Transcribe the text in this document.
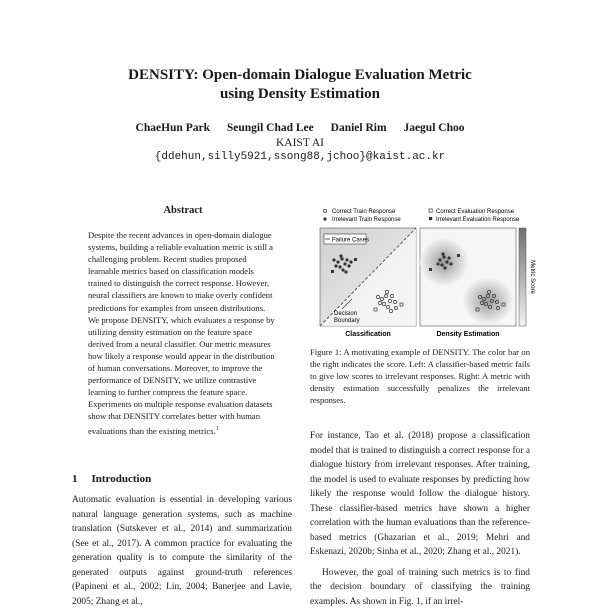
DENSITY: Open-domain Dialogue Evaluation Metric
using Density Estimation
ChaeHun Park Seungil Chad Lee Daniel Rim Jaegul Choo
KAIST AI
{ddehun,silly5921,ssong88,jchoo}@kaist.ac.kr
Abstract

Despite the recent advances in open-domain dialogue systems, building a reliable evaluation metric is still a challenging problem. Recent studies proposed learnable metrics based on classification models trained to distinguish the correct response. However, neural classifiers are known to make overly confident predictions for examples from unseen distributions. We propose DENSITY, which evaluates a response by utilizing density estimation on the feature space derived from a neural classifier. Our metric measures how likely a response would appear in the distribution of human conversations. Moreover, to improve the performance of DENSITY, we utilize contrastive learning to further compress the feature space. Experiments on multiple response evaluation datasets show that DENSITY correlates better with human evaluations than the existing metrics.$^1$

1 Introduction

Automatic evaluation is essential in developing various natural language generation systems, such as machine translation (Sutskever et al., 2014) and summarization (See et al., 2017). A common practice for evaluating the generation quality is to compute the similarity of the generated outputs against ground-truth references (Papineni et al., 2002; Lin, 2004; Banerjee and Lavie, 2005; Zhang et al.,

Correct Train Response
Irrelevant Train Response
Correct Evaluation Response
Irrelevant Evaluation Response
Failure Cases
Decision
Boundary
Classification	Density Estimation
Metric Score

Figure 1: A motivating example of DENSITY. The color bar on the right indicates the score. Left: A classifier-based metric fails to give low scores to irrelevant responses. Right: A metric with density estimation successfully penalizes the irrelevant responses.

For instance, Tao et al. (2018) propose a classification model that is trained to distinguish a correct response for a dialogue history from irrelevant responses. After training, the model is used to evaluate responses by predicting how likely the response would follow the dialogue history. These classifier-based metrics have shown a higher correlation with the human evaluations than the reference-based metrics (Ghazarian et al., 2019; Mehri and Eskenazi, 2020b; Sinha et al., 2020; Zhang et al., 2021).

However, the goal of training such metrics is to find the decision boundary of classifying the training examples. As shown in Fig. 1, if an irrel-
